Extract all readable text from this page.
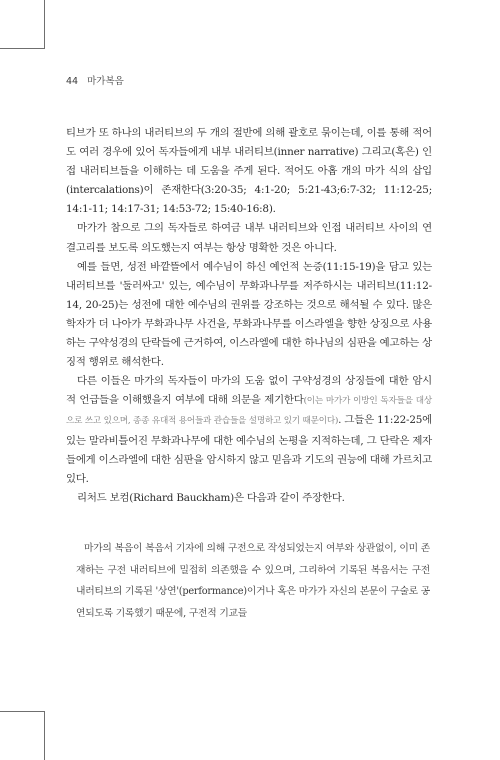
44 마가복음

티브가 또 하나의 내러티브의 두 개의 절반에 의해 괄호로 묶이는데, 이를 통해 적어도 여러 경우에 있어 독자들에게 내부 내러티브(inner narrative) 그리고(혹은) 인접 내러티브들을 이해하는 데 도움을 주게 된다. 적어도 아홉 개의 마가 식의 삽입(intercalations)이 존재한다(3:20-35; 4:1-20; 5:21-43;6:7-32; 11:12-25; 14:1-11; 14:17-31; 14:53-72; 15:40-16:8).

마가가 참으로 그의 독자들로 하여금 내부 내러티브와 인접 내러티브 사이의 연결고리를 보도록 의도했는지 여부는 항상 명확한 것은 아니다.

예를 들면, 성전 바깥뜰에서 예수님이 하신 예언적 논증(11:15-19)을 담고 있는 내러티브를 '둘러싸고' 있는, 예수님이 무화과나무를 저주하시는 내러티브(11:12-14, 20-25)는 성전에 대한 예수님의 권위를 강조하는 것으로 해석될 수 있다. 많은 학자가 더 나아가 무화과나무 사건을, 무화과나무를 이스라엘을 향한 상징으로 사용하는 구약성경의 단락들에 근거하여, 이스라엘에 대한 하나님의 심판을 예고하는 상징적 행위로 해석한다.

다른 이들은 마가의 독자들이 마가의 도움 없이 구약성경의 상징들에 대한 암시적 언급들을 이해했을지 여부에 대해 의문을 제기한다(이는 마가가 이방인 독자들을 대상으로 쓰고 있으며, 종종 유대적 용어들과 관습들을 설명하고 있기 때문이다). 그들은 11:22-25에 있는 말라비틀어진 무화과나무에 대한 예수님의 논평을 지적하는데, 그 단락은 제자들에게 이스라엘에 대한 심판을 암시하지 않고 믿음과 기도의 권능에 대해 가르치고 있다.

리처드 보컴(Richard Bauckham)은 다음과 같이 주장한다.

마가의 복음이 복음서 기자에 의해 구전으로 작성되었는지 여부와 상관없이, 이미 존재하는 구전 내러티브에 밀접히 의존했을 수 있으며, 그리하여 기록된 복음서는 구전 내러티브의 기록된 '상연'(performance)이거나 혹은 마가가 자신의 본문이 구술로 공연되도록 기록했기 때문에, 구전적 기교들
